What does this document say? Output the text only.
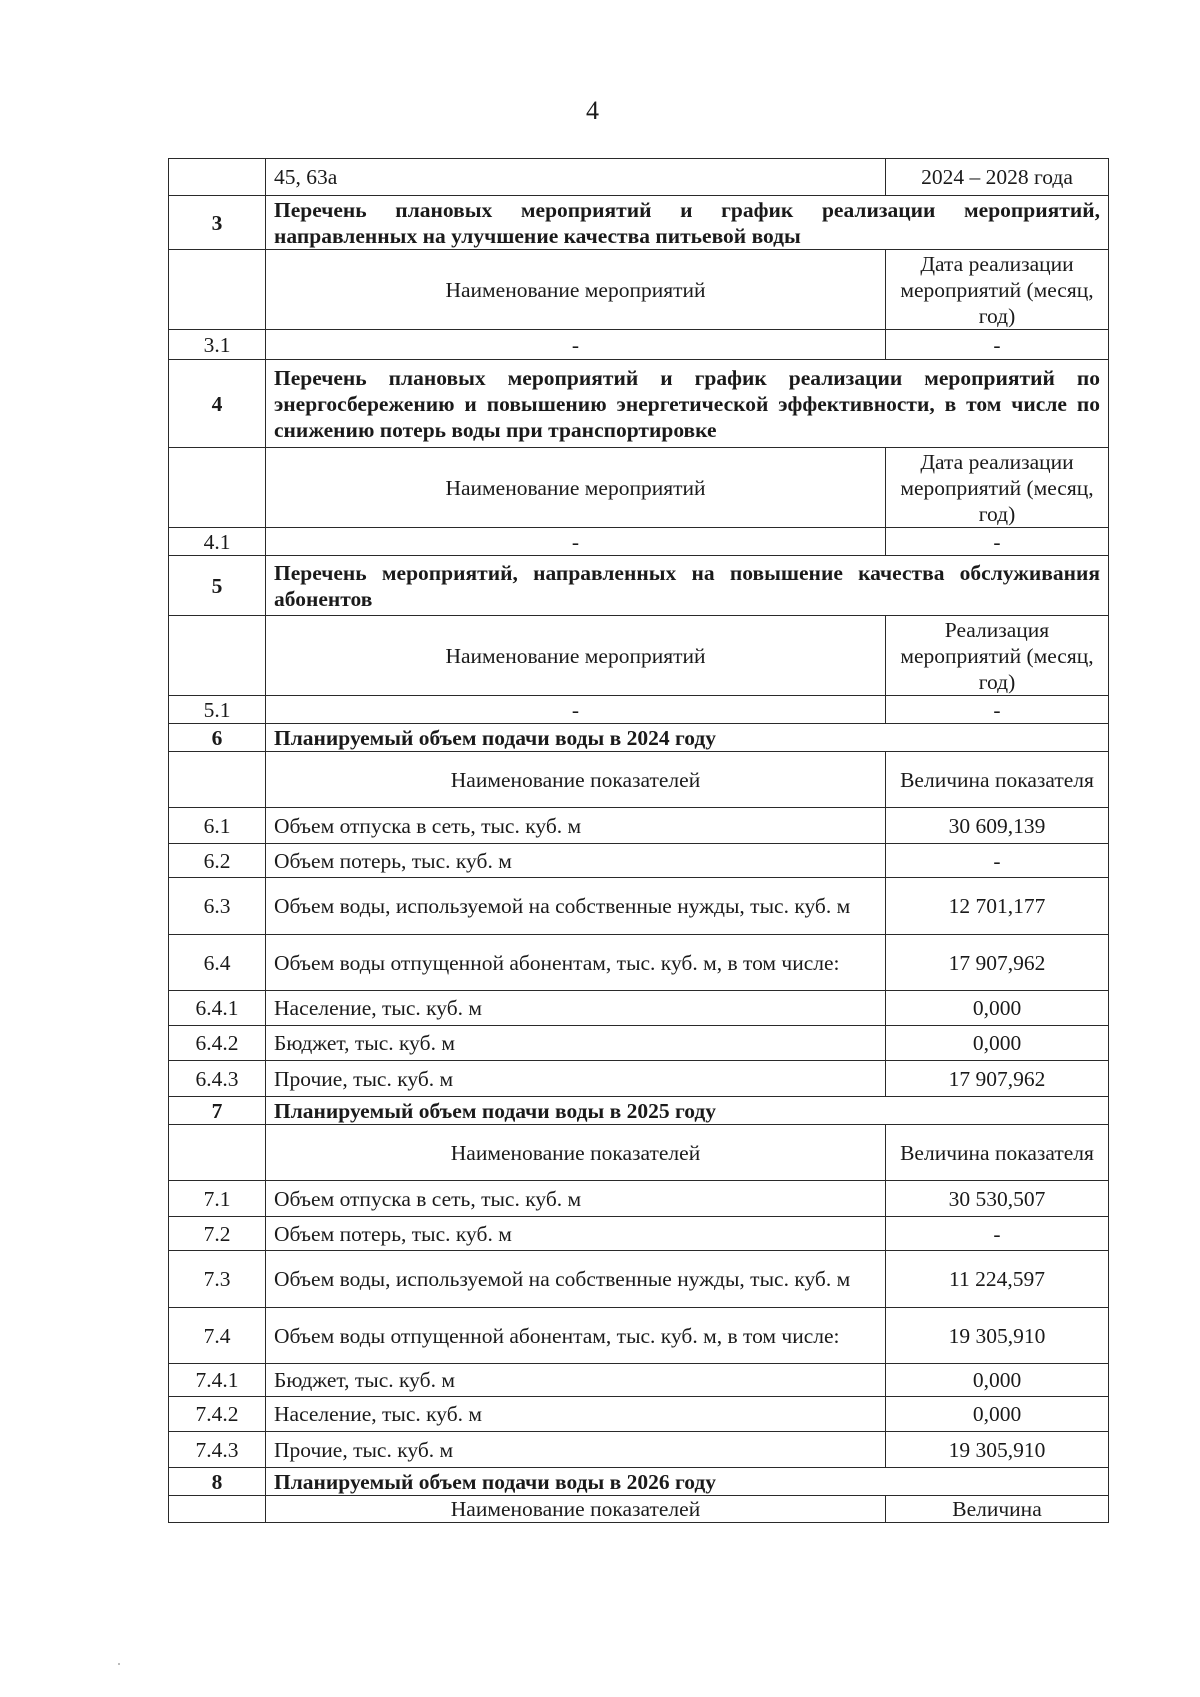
4
	45, 63а	2024 – 2028 года
3	Перечень плановых мероприятий и график реализации мероприятий, направленных на улучшение качества питьевой воды	
	Наименование мероприятий	Дата реализации мероприятий (месяц, год)
3.1	-	-
4	Перечень плановых мероприятий и график реализации мероприятий по энергосбережению и повышению энергетической эффективности, в том числе по снижению потерь воды при транспортировке	
	Наименование мероприятий	Дата реализации мероприятий (месяц, год)
4.1	-	-
5	Перечень мероприятий, направленных на повышение качества обслуживания абонентов	
	Наименование мероприятий	Реализация мероприятий (месяц, год)
5.1	-	-
6	Планируемый объем подачи воды в 2024 году	
	Наименование показателей	Величина показателя
6.1	Объем отпуска в сеть, тыс. куб. м	30 609,139
6.2	Объем потерь, тыс. куб. м	-
6.3	Объем воды, используемой на собственные нужды, тыс. куб. м	12 701,177
6.4	Объем воды отпущенной абонентам, тыс. куб. м, в том числе:	17 907,962
6.4.1	Население, тыс. куб. м	0,000
6.4.2	Бюджет, тыс. куб. м	0,000
6.4.3	Прочие, тыс. куб. м	17 907,962
7	Планируемый объем подачи воды в 2025 году	
	Наименование показателей	Величина показателя
7.1	Объем отпуска в сеть, тыс. куб. м	30 530,507
7.2	Объем потерь, тыс. куб. м	-
7.3	Объем воды, используемой на собственные нужды, тыс. куб. м	11 224,597
7.4	Объем воды отпущенной абонентам, тыс. куб. м, в том числе:	19 305,910
7.4.1	Бюджет, тыс. куб. м	0,000
7.4.2	Население, тыс. куб. м	0,000
7.4.3	Прочие, тыс. куб. м	19 305,910
8	Планируемый объем подачи воды в 2026 году	
	Наименование показателей	Величина
